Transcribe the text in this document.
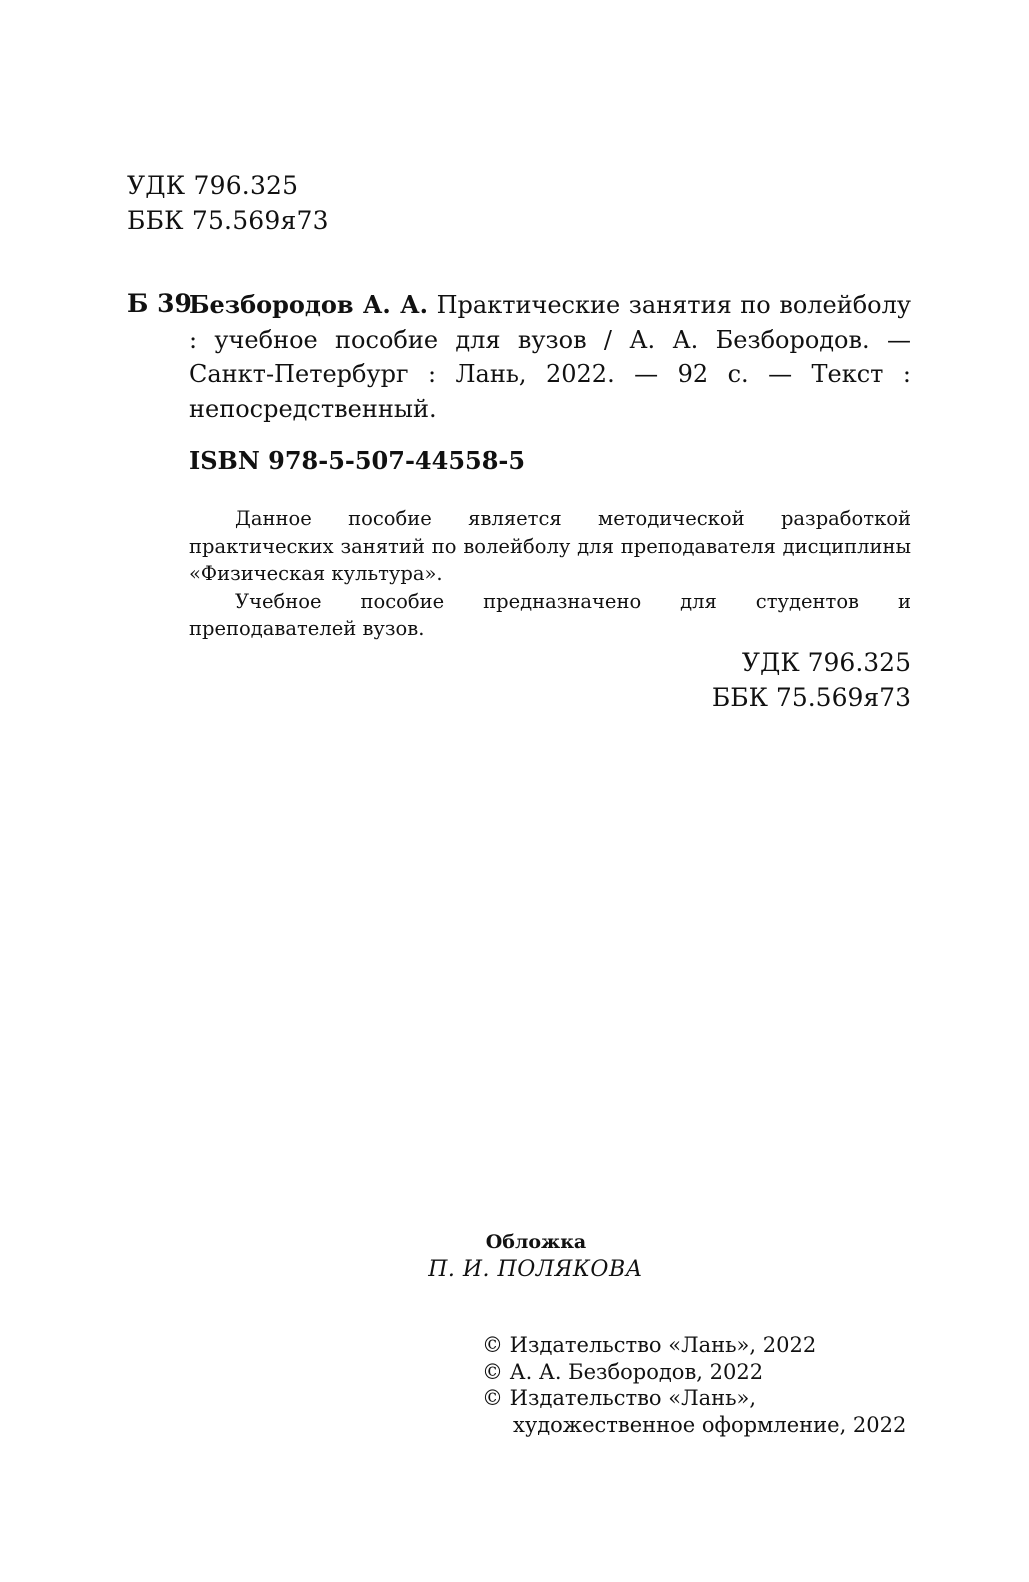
УДК 796.325
ББК 75.569я73
Б 39
Безбородов А. А. Практические занятия по волейболу : учебное пособие для вузов / А. А. Безбородов. — Санкт-Петербург : Лань, 2022. — 92 с. — Текст : непосредственный.
ISBN 978-5-507-44558-5

Данное пособие является методической разработкой практических занятий по волейболу для преподавателя дисциплины «Физическая культура».

Учебное пособие предназначено для студентов и преподавателей вузов.

УДК 796.325
ББК 75.569я73
Обложка
П. И. ПОЛЯКОВА
© Издательство «Лань», 2022
© А. А. Безбородов, 2022
© Издательство «Лань»,
художественное оформление, 2022
